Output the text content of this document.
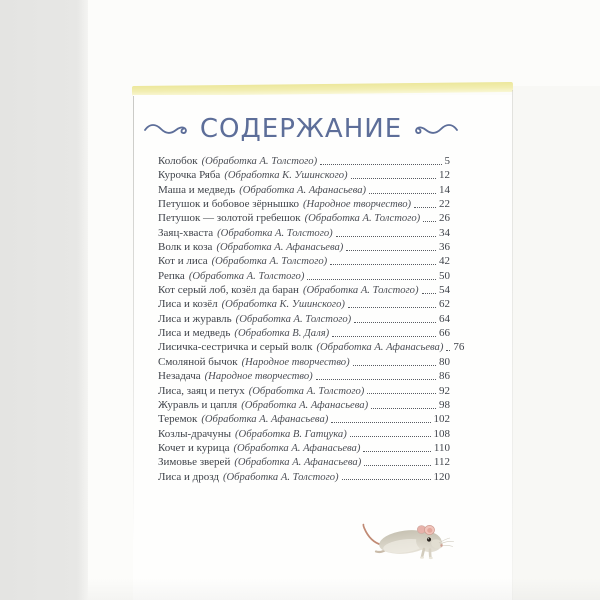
СОДЕРЖАНИЕ
Колобок (Обработка А. Толстого)	5
Курочка Ряба (Обработка К. Ушинского)	12
Маша и медведь (Обработка А. Афанасьева)	14
Петушок и бобовое зёрнышко (Народное творчество)	22
Петушок — золотой гребешок (Обработка А. Толстого) 26
Заяц-хваста (Обработка А. Толстого)	34
Волк и коза (Обработка А. Афанасьева)	36
Кот и лиса (Обработка А. Толстого)	42
Репка (Обработка А. Толстого)	50
Кот серый лоб, козёл да баран (Обработка А. Толстого) 54
Лиса и козёл (Обработка К. Ушинского)	62
Лиса и журавль (Обработка А. Толстого)	64
Лиса и медведь (Обработка В. Даля)	66
Лисичка-сестричка и серый волк (Обработка А. Афанасьева) 76
Смоляной бычок (Народное творчество)	80
Незадача (Народное творчество)	86
Лиса, заяц и петух (Обработка А. Толстого)	92
Журавль и цапля (Обработка А. Афанасьева)	98
Теремок (Обработка А. Афанасьева)	102
Козлы-драчуны (Обработка В. Гатцука)	108
Кочет и курица (Обработка А. Афанасьева)	110
Зимовье зверей (Обработка А. Афанасьева)	112
Лиса и дрозд (Обработка А. Толстого)	120
